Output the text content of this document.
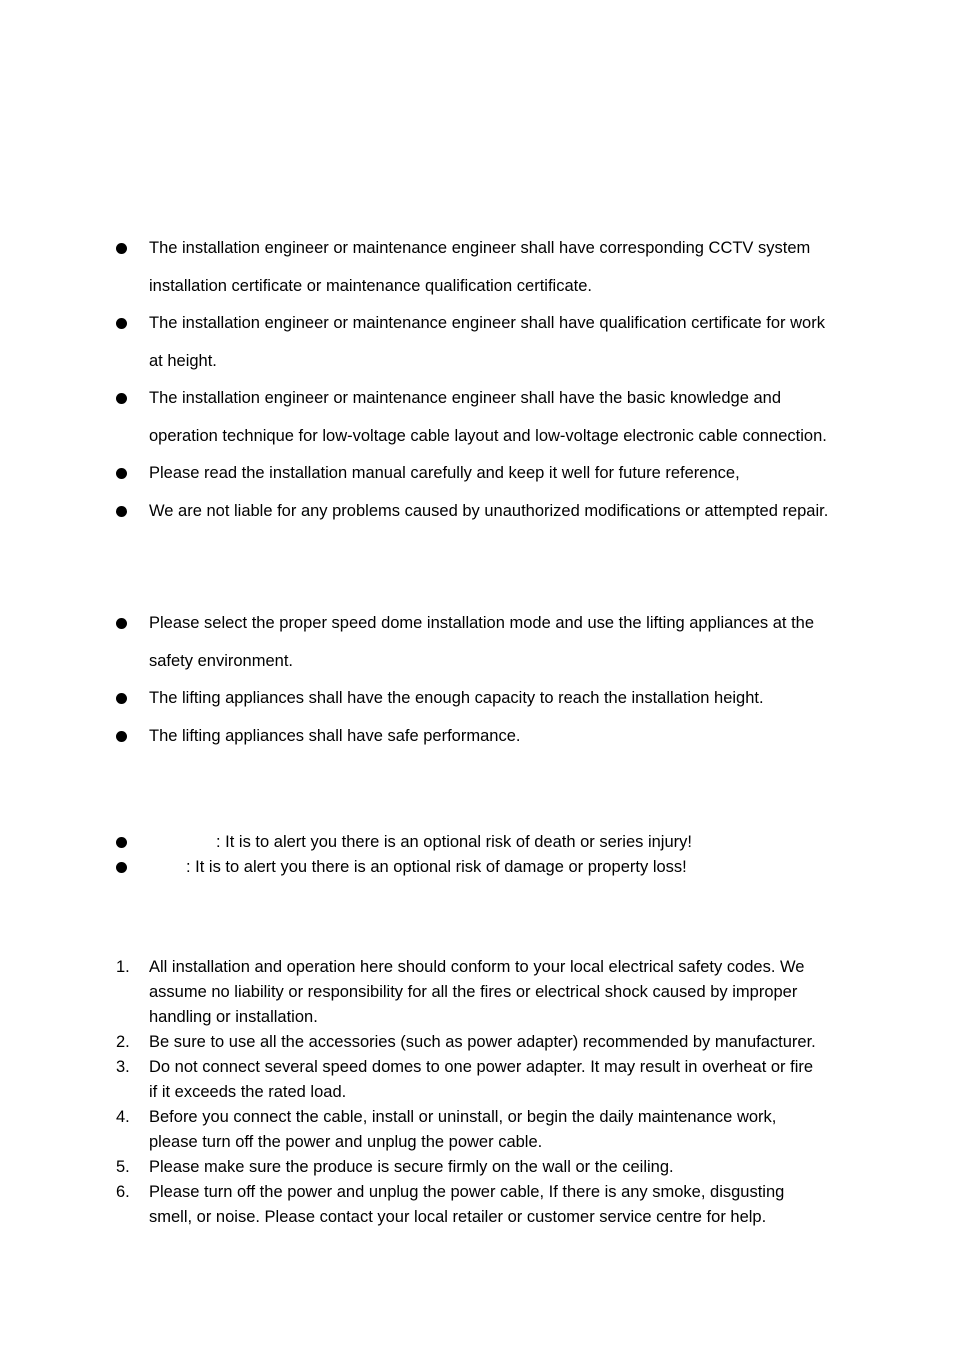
The installation engineer or maintenance engineer shall have corresponding CCTV system
installation certificate or maintenance qualification certificate.
The installation engineer or maintenance engineer shall have qualification certificate for work
at height.
The installation engineer or maintenance engineer shall have the basic knowledge and
operation technique for low-voltage cable layout and low-voltage electronic cable connection.
Please read the installation manual carefully and keep it well for future reference,
We are not liable for any problems caused by unauthorized modifications or attempted repair.
Please select the proper speed dome installation mode and use the lifting appliances at the
safety environment.
The lifting appliances shall have the enough capacity to reach the installation height.
The lifting appliances shall have safe performance.
: It is to alert you there is an optional risk of death or series injury!
: It is to alert you there is an optional risk of damage or property loss!
1. All installation and operation here should conform to your local electrical safety codes. We
assume no liability or responsibility for all the fires or electrical shock caused by improper
handling or installation.
2. Be sure to use all the accessories (such as power adapter) recommended by manufacturer.
3. Do not connect several speed domes to one power adapter. It may result in overheat or fire
if it exceeds the rated load.
4. Before you connect the cable, install or uninstall, or begin the daily maintenance work,
please turn off the power and unplug the power cable.
5. Please make sure the produce is secure firmly on the wall or the ceiling.
6. Please turn off the power and unplug the power cable, If there is any smoke, disgusting
smell, or noise. Please contact your local retailer or customer service centre for help.
